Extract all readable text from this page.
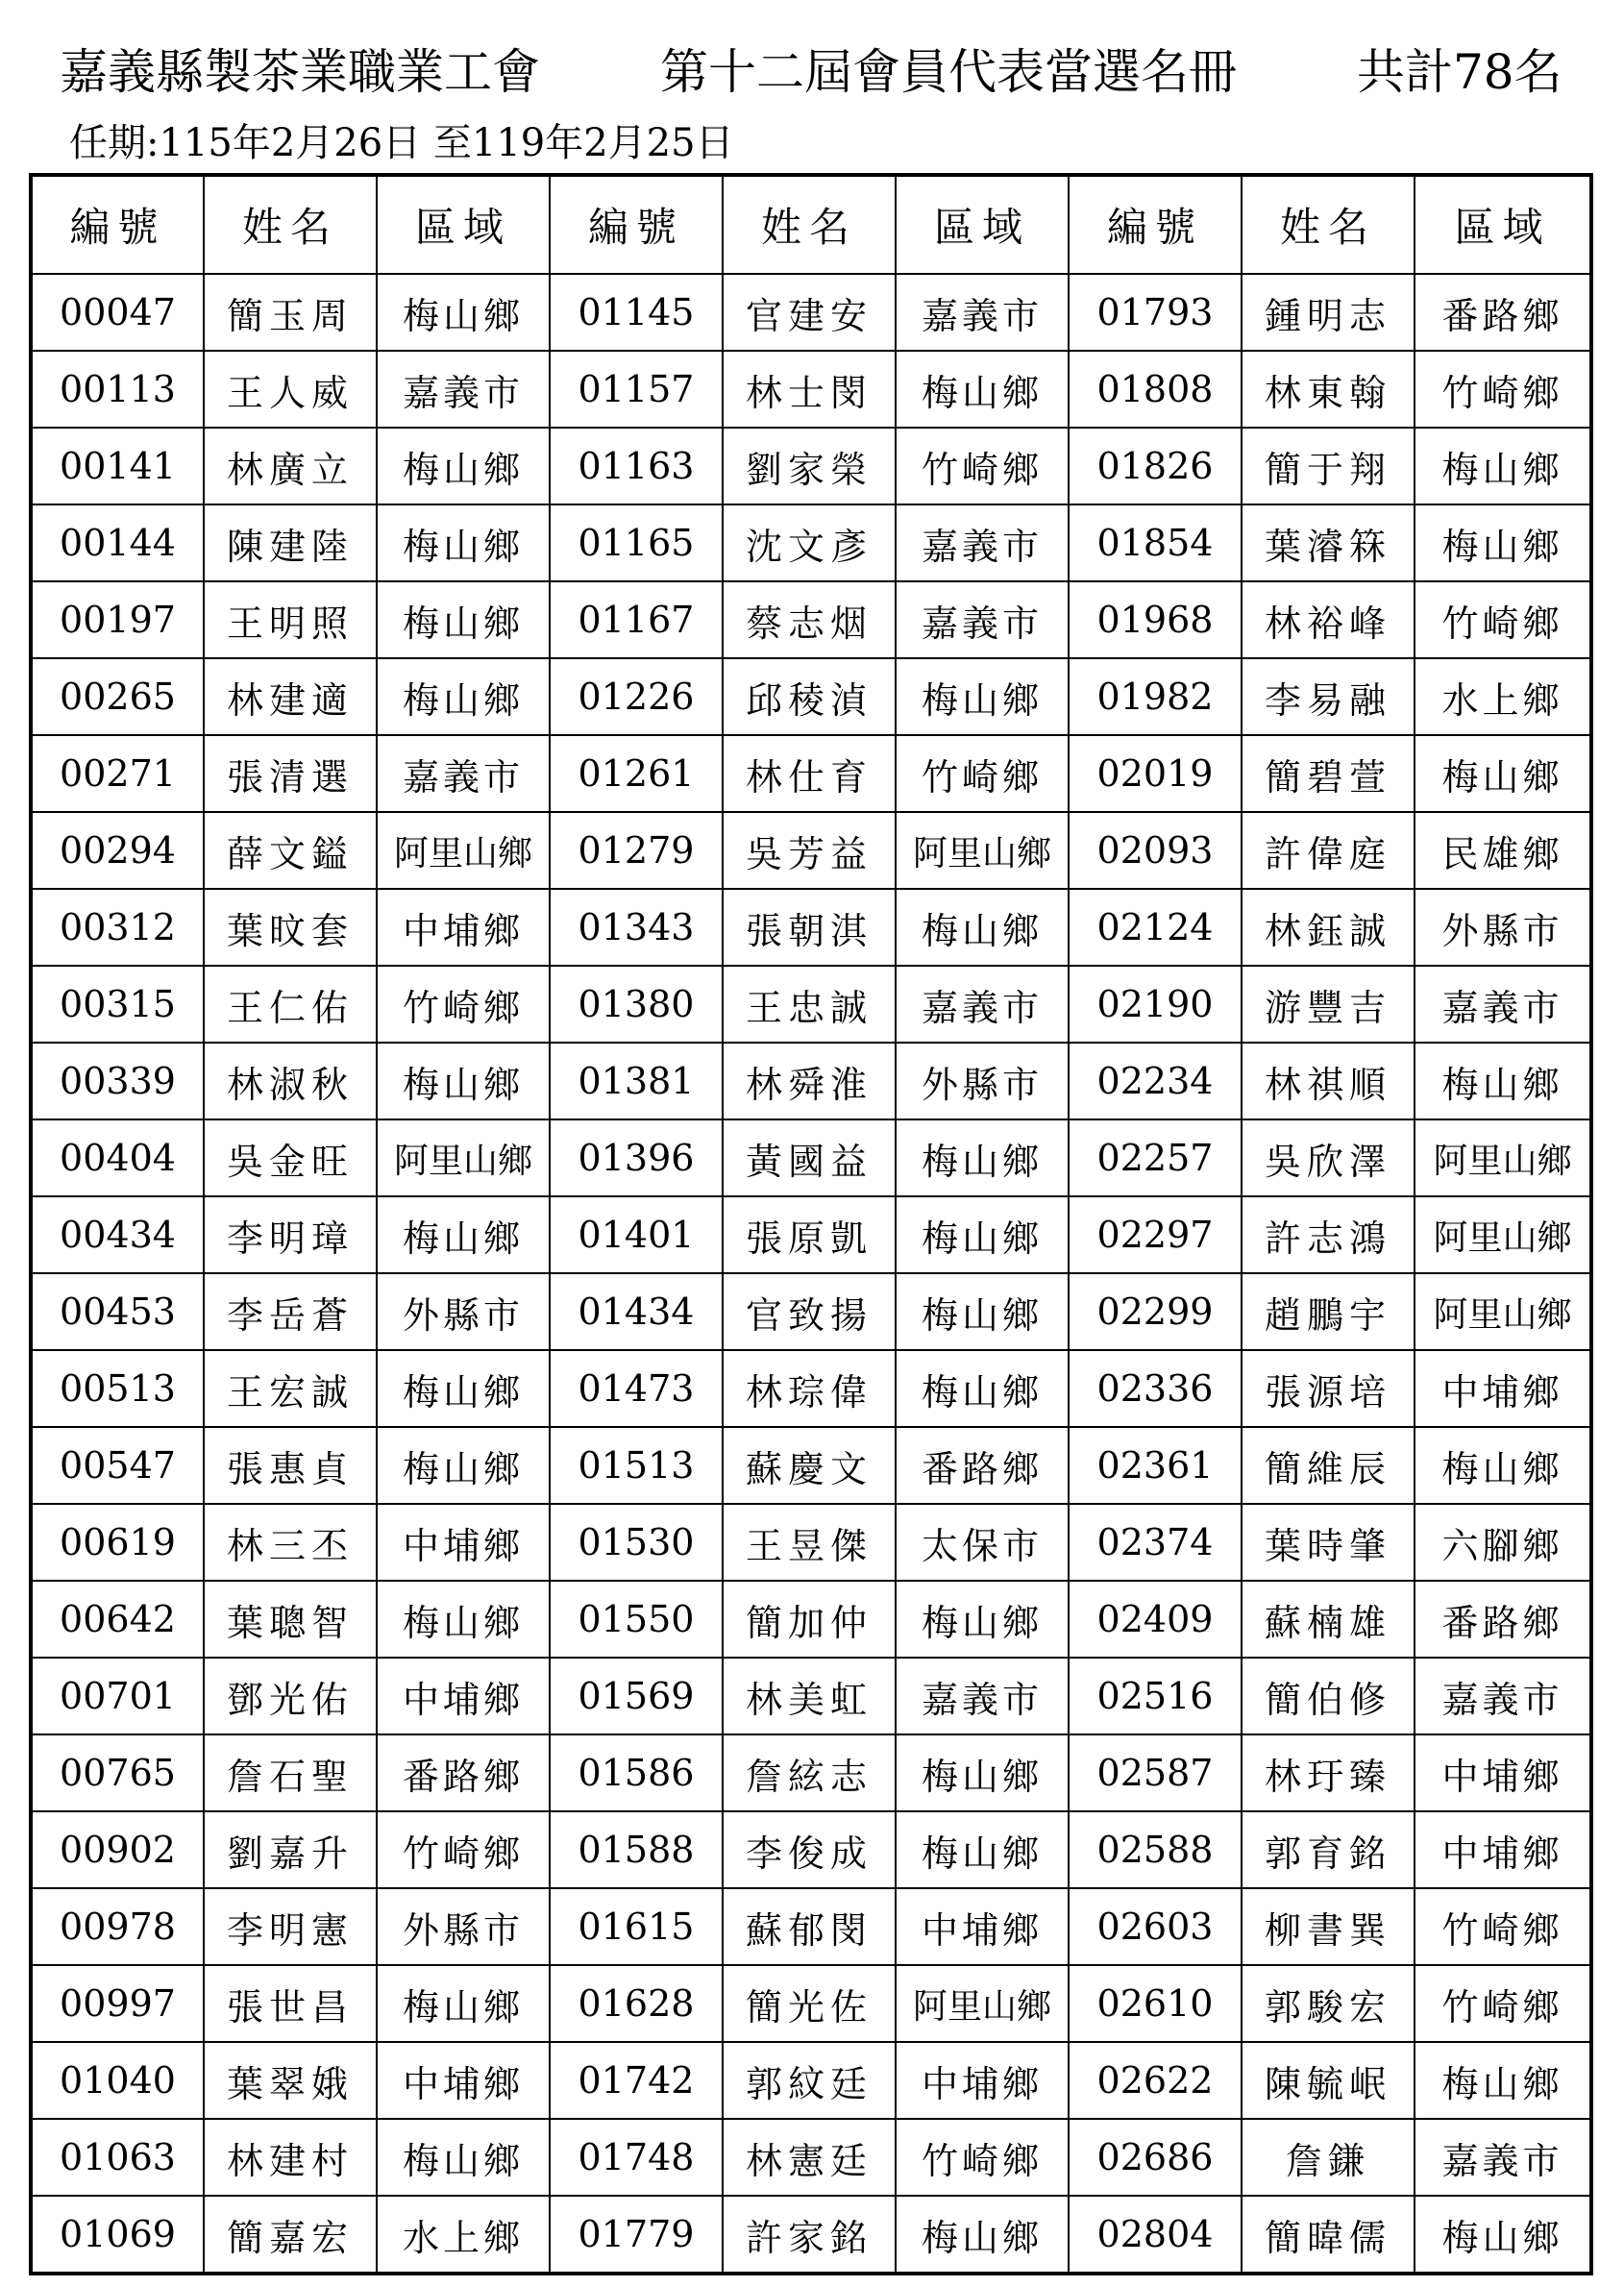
嘉義縣製茶業職業工會	第十二屆會員代表當選名冊	共計78名
任期:115年2月26日 至119年2月25日
編號	姓名	區域	編號	姓名	區域	編號	姓名	區域
00047	簡玉周	梅山鄉	01145	官建安	嘉義市	01793	鍾明志	番路鄉
00113	王人威	嘉義市	01157	林士閔	梅山鄉	01808	林東翰	竹崎鄉
00141	林廣立	梅山鄉	01163	劉家榮	竹崎鄉	01826	簡于翔	梅山鄉
00144	陳建陸	梅山鄉	01165	沈文彥	嘉義市	01854	葉濬箖	梅山鄉
00197	王明照	梅山鄉	01167	蔡志烟	嘉義市	01968	林裕峰	竹崎鄉
00265	林建適	梅山鄉	01226	邱稜湞	梅山鄉	01982	李易融	水上鄉
00271	張清選	嘉義市	01261	林仕育	竹崎鄉	02019	簡碧萱	梅山鄉
00294	薛文鎰	阿里山鄉	01279	吳芳益	阿里山鄉	02093	許偉庭	民雄鄉
00312	葉旼套	中埔鄉	01343	張朝淇	梅山鄉	02124	林鈺誠	外縣市
00315	王仁佑	竹崎鄉	01380	王忠誠	嘉義市	02190	游豐吉	嘉義市
00339	林淑秋	梅山鄉	01381	林舜淮	外縣市	02234	林祺順	梅山鄉
00404	吳金旺	阿里山鄉	01396	黃國益	梅山鄉	02257	吳欣澤	阿里山鄉
00434	李明璋	梅山鄉	01401	張原凱	梅山鄉	02297	許志鴻	阿里山鄉
00453	李岳蒼	外縣市	01434	官致揚	梅山鄉	02299	趙鵬宇	阿里山鄉
00513	王宏誠	梅山鄉	01473	林琮偉	梅山鄉	02336	張源培	中埔鄉
00547	張惠貞	梅山鄉	01513	蘇慶文	番路鄉	02361	簡維辰	梅山鄉
00619	林三丕	中埔鄉	01530	王昱傑	太保市	02374	葉時肇	六腳鄉
00642	葉聰智	梅山鄉	01550	簡加仲	梅山鄉	02409	蘇楠雄	番路鄉
00701	鄧光佑	中埔鄉	01569	林美虹	嘉義市	02516	簡伯修	嘉義市
00765	詹石聖	番路鄉	01586	詹絃志	梅山鄉	02587	林玗臻	中埔鄉
00902	劉嘉升	竹崎鄉	01588	李俊成	梅山鄉	02588	郭育銘	中埔鄉
00978	李明憲	外縣市	01615	蘇郁閔	中埔鄉	02603	柳書巽	竹崎鄉
00997	張世昌	梅山鄉	01628	簡光佐	阿里山鄉	02610	郭駿宏	竹崎鄉
01040	葉翠娥	中埔鄉	01742	郭紋廷	中埔鄉	02622	陳毓岷	梅山鄉
01063	林建村	梅山鄉	01748	林憲廷	竹崎鄉	02686	詹鎌	嘉義市
01069	簡嘉宏	水上鄉	01779	許家銘	梅山鄉	02804	簡暐儒	梅山鄉
